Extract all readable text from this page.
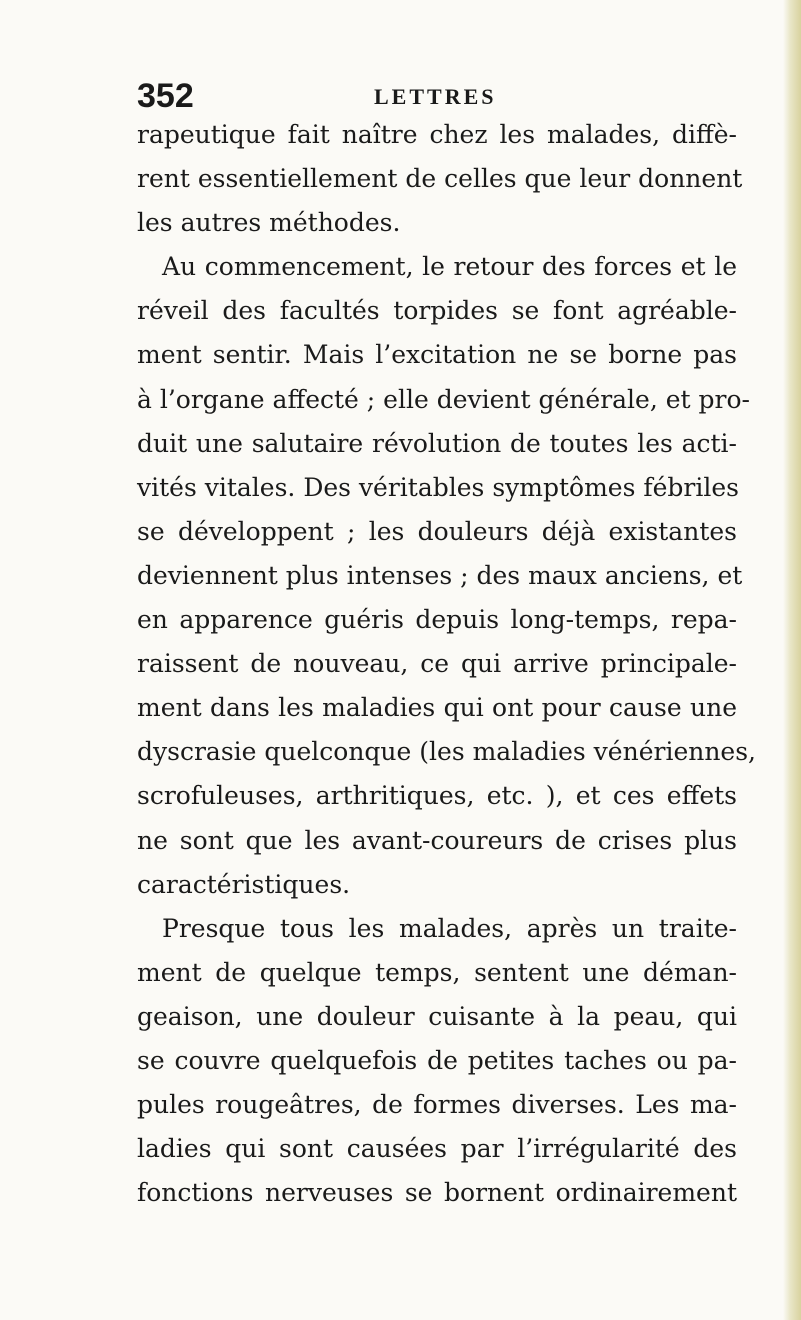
352	LETTRES
rapeutique fait naître chez les malades, diffè-
rent essentiellement de celles que leur donnent
les autres méthodes.
Au commencement, le retour des forces et le
réveil des facultés torpides se font agréable-
ment sentir. Mais l’excitation ne se borne pas
à l’organe affecté ; elle devient générale, et pro-
duit une salutaire révolution de toutes les acti-
vités vitales. Des véritables symptômes fébriles
se développent ; les douleurs déjà existantes
deviennent plus intenses ; des maux anciens, et
en apparence guéris depuis long-temps, repa-
raissent de nouveau, ce qui arrive principale-
ment dans les maladies qui ont pour cause une
dyscrasie quelconque (les maladies vénériennes,
scrofuleuses, arthritiques, etc. ), et ces effets
ne sont que les avant-coureurs de crises plus
caractéristiques.
Presque tous les malades, après un traite-
ment de quelque temps, sentent une déman-
geaison, une douleur cuisante à la peau, qui
se couvre quelquefois de petites taches ou pa-
pules rougeâtres, de formes diverses. Les ma-
ladies qui sont causées par l’irrégularité des
fonctions nerveuses se bornent ordinairement
